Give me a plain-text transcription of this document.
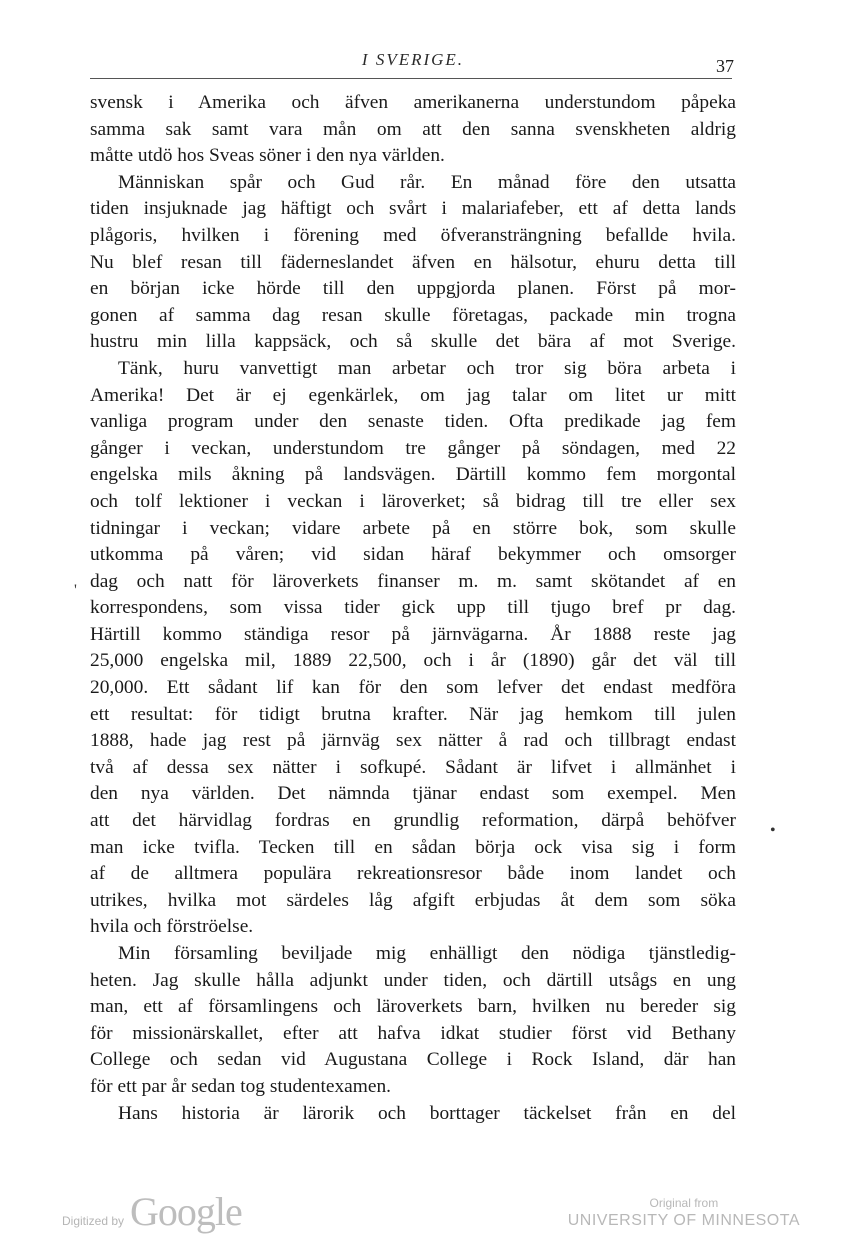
I SVERIGE.	37
svensk i Amerika och äfven amerikanerna understundom påpeka
samma sak samt vara mån om att den sanna svenskheten aldrig
måtte utdö hos Sveas söner i den nya världen.
Människan spår och Gud rår. En månad före den utsatta
tiden insjuknade jag häftigt och svårt i malariafeber, ett af detta lands
plågoris, hvilken i förening med öfveransträngning befallde hvila.
Nu blef resan till fäderneslandet äfven en hälsotur, ehuru detta till
en början icke hörde till den uppgjorda planen. Först på mor-
gonen af samma dag resan skulle företagas, packade min trogna
hustru min lilla kappsäck, och så skulle det bära af mot Sverige.
Tänk, huru vanvettigt man arbetar och tror sig böra arbeta i
Amerika! Det är ej egenkärlek, om jag talar om litet ur mitt
vanliga program under den senaste tiden. Ofta predikade jag fem
gånger i veckan, understundom tre gånger på söndagen, med 22
engelska mils åkning på landsvägen. Därtill kommo fem morgontal
och tolf lektioner i veckan i läroverket; så bidrag till tre eller sex
tidningar i veckan; vidare arbete på en större bok, som skulle
utkomma på våren; vid sidan häraf bekymmer och omsorger
dag och natt för läroverkets finanser m. m. samt skötandet af en
korrespondens, som vissa tider gick upp till tjugo bref pr dag.
Härtill kommo ständiga resor på järnvägarna. År 1888 reste jag
25,000 engelska mil, 1889 22,500, och i år (1890) går det väl till
20,000. Ett sådant lif kan för den som lefver det endast medföra
ett resultat: för tidigt brutna krafter. När jag hemkom till julen
1888, hade jag rest på järnväg sex nätter å rad och tillbragt endast
två af dessa sex nätter i sofkupé. Sådant är lifvet i allmänhet i
den nya världen. Det nämnda tjänar endast som exempel. Men
att det härvidlag fordras en grundlig reformation, därpå behöfver
man icke tvifla. Tecken till en sådan börja ock visa sig i form
af de alltmera populära rekreationsresor både inom landet och
utrikes, hvilka mot särdeles låg afgift erbjudas åt dem som söka
hvila och förströelse.
Min församling beviljade mig enhälligt den nödiga tjänstledig-
heten. Jag skulle hålla adjunkt under tiden, och därtill utsågs en ung
man, ett af församlingens och läroverkets barn, hvilken nu bereder sig
för missionärskallet, efter att hafva idkat studier först vid Bethany
College och sedan vid Augustana College i Rock Island, där han
för ett par år sedan tog studentexamen.
Hans historia är lärorik och borttager täckelset från en del
'
•
Digitized by Google	Original from
UNIVERSITY OF MINNESOTA
